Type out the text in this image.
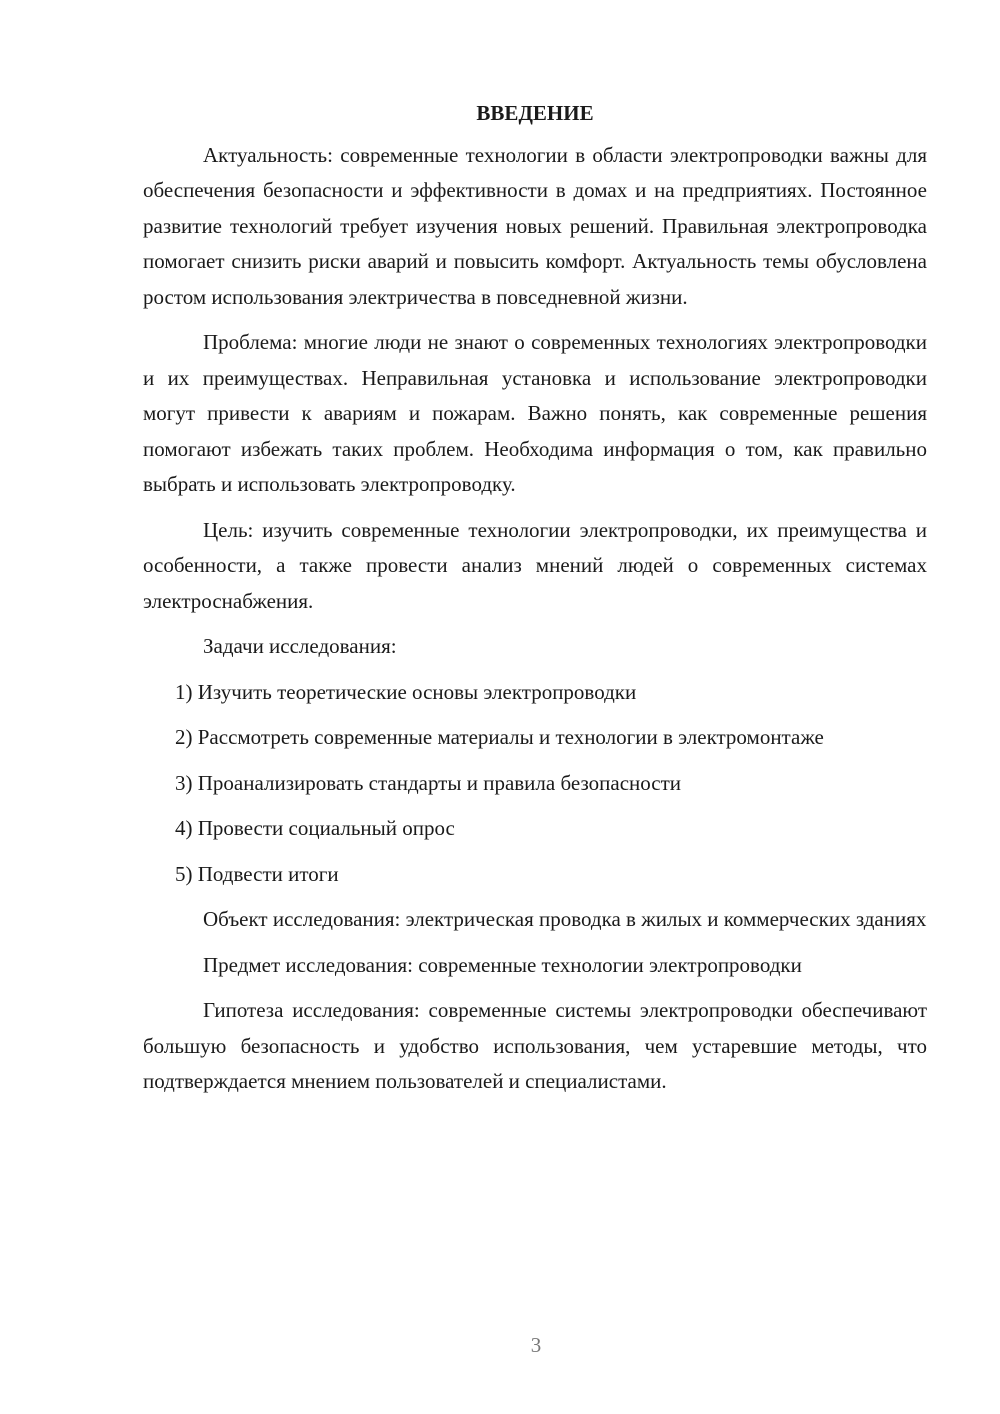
ВВЕДЕНИЕ

Актуальность: современные технологии в области электропроводки важны для обеспечения безопасности и эффективности в домах и на предприятиях. Постоянное развитие технологий требует изучения новых решений. Правильная электропроводка помогает снизить риски аварий и повысить комфорт. Актуальность темы обусловлена ростом использования электричества в повседневной жизни.

Проблема: многие люди не знают о современных технологиях электропроводки и их преимуществах. Неправильная установка и использование электропроводки могут привести к авариям и пожарам. Важно понять, как современные решения помогают избежать таких проблем. Необходима информация о том, как правильно выбрать и использовать электропроводку.

Цель: изучить современные технологии электропроводки, их преимущества и особенности, а также провести анализ мнений людей о современных системах электроснабжения.

Задачи исследования:

1) Изучить теоретические основы электропроводки

2) Рассмотреть современные материалы и технологии в электромонтаже

3) Проанализировать стандарты и правила безопасности

4) Провести социальный опрос

5) Подвести итоги

Объект исследования: электрическая проводка в жилых и коммерческих зданиях

Предмет исследования: современные технологии электропроводки

Гипотеза исследования: современные системы электропроводки обеспечивают большую безопасность и удобство использования, чем устаревшие методы, что подтверждается мнением пользователей и специалистами.

3
